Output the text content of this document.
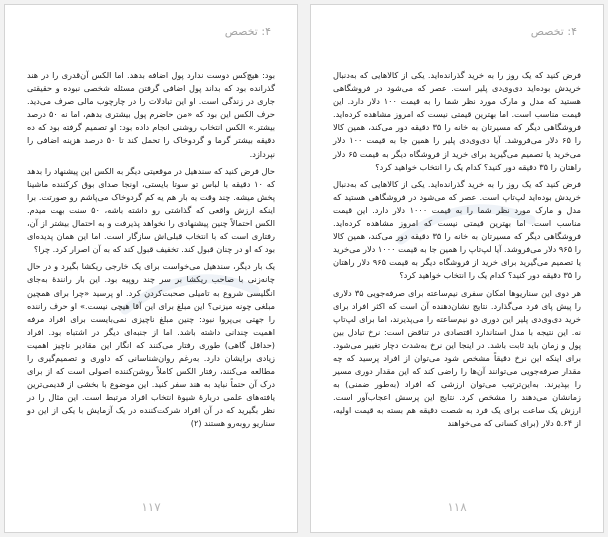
۴: تخصص

بود: هیچ‌کس دوست ندارد پول اضافه بدهد. اما الکس آن‌قدری را در هند گذرانده بود که بداند پول اضافی گرفتن مسئله شخصی نبوده و حقیقتی جاری در زندگی است. او این تبادلات را در چارچوب مالی صرف می‌دید. حرف الکس این بود که «من حاضرم پول بیشتری بدهم، اما نه ۵۰ درصد بیشتر.» الکس انتخاب روشنی انجام داده بود: او تصمیم گرفته بود که ده دقیقه بیشتر گرما و گردوخاک را تحمل کند تا ۵۰ درصد هزینه اضافی را نپردازد.

حال فرض کنید که سندهیل در موقعیتی دیگر به الکس این پیشنهاد را بدهد که ۱۰ دقیقه با لباس تو سوتا بایستی، اونجا صدای بوق کرکننده ماشینا پخش میشه. چند وقت یه بار هم یه کم گردوخاک می‌پاشم رو صورتت. برا اینکه ارزش واقعی که گذاشتی رو داشته باشه، ۵۰ سنت بهت میدم. الکس احتمالاً چنین پیشنهادی را نخواهد پذیرفت و به احتمال بیشتر از آن، رفتاری است که با انتخاب قبلی‌اش سازگار است. اما این همان پدیده‌ای بود که او در چنان قبول کند. تخفیف قبول کند که به آن اصرار کرد. چرا؟

یک بار دیگر، سندهیل می‌خواست برای یک خارجی ریکشا بگیرد و در حال چانه‌زنی با صاحب ریکشا بر سر چند روپیه بود. این بار رانندهٔ به‌جای انگلیسی شروع به تامیلی صحبت‌کردن کرد. او پرسید «چرا برای همچین مبلغی چونه میزنی؟ این مبلغ برای این آقا هیچی نیست.» او حرف راننده را جهتی بی‌پروا نبود: چنین مبلغ ناچیزی نمی‌بایست برای افراد مرفه اهمیت چندانی داشته باشد. اما از جنبه‌ای دیگر در اشتباه بود. افراد (حداقل گاهی) طوری رفتار می‌کنند که انگار این مقادیر ناچیز اهمیت زیادی برایشان دارد. به‌رغم روان‌شناسانی که داوری و تصمیم‌گیری را مطالعه می‌کنند، رفتار الکس کاملاً روشن‌کننده اصولی است که از برای درک آن حتماً نباید به هند سفر کنید. این موضوع با بخشی از قدیمی‌ترین یافته‌های علمی دربارهٔ شیوهٔ انتخاب افراد مرتبط است. این مثال را در نظر بگیرید که در آن افراد شرکت‌کننده در یک آزمایش با یکی از این دو سناریو روبه‌رو هستند (۲)

۱۱۷
۴: تخصص

فرض کنید که یک روز را به خرید گذرانده‌اید. یکی از کالاهایی که به‌دنبال خریدش بوده‌اید دی‌وی‌دی پلیر است. عصر که می‌شود در فروشگاهی هستید که مدل و مارک مورد نظر شما را به قیمت ۱۰۰ دلار دارد. این قیمت مناسب است. اما بهترین قیمتی نیست که امروز مشاهده کرده‌اید. فروشگاهی دیگر که مسیرتان به خانه را ۳۵ دقیقه دور می‌کند، همین کالا را ۶۵ دلار می‌فروشد. آیا دی‌وی‌دی پلیر را همین جا به قیمت ۱۰۰ دلار می‌خرید یا تصمیم می‌گیرید برای خرید از فروشگاه دیگر به قیمت ۶۵ دلار راهتان را ۳۵ دقیقه دور کنید؟ کدام یک را انتخاب خواهید کرد؟

فرض کنید که یک روز را به خرید گذرانده‌اید. یکی از کالاهایی که به‌دنبال خریدش بوده‌اید لپ‌تاپ است. عصر که می‌شود در فروشگاهی هستید که مدل و مارک مورد نظر شما را به قیمت ۱۰۰۰ دلار دارد. این قیمت مناسب است. اما بهترین قیمتی نیست که امروز مشاهده کرده‌اید. فروشگاهی دیگر که مسیرتان به خانه را ۳۵ دقیقه دور می‌کند، همین کالا را ۹۶۵ دلار می‌فروشد. آیا لپ‌تاپ را همین جا به قیمت ۱۰۰۰ دلار می‌خرید یا تصمیم می‌گیرید برای خرید از فروشگاه دیگر به قیمت ۹۶۵ دلار راهتان را ۳۵ دقیقه دور کنید؟ کدام یک را انتخاب خواهید کرد؟

هر دوی این سناریوها امکان سفری نیم‌ساعته برای صرفه‌جویی ۳۵ دلاری را پیش پای فرد می‌گذارد. نتایج نشان‌دهنده آن است که اکثر افراد برای خرید دی‌وی‌دی پلیر این دوری دو نیم‌ساعته را می‌پذیرند، اما برای لپ‌تاپ نه. این نتیجه با مدل استاندارد اقتصادی در تناقض است: نرخ تبادل بین پول و زمان باید ثابت باشد. در اینجا این نرخ به‌شدت دچار تغییر می‌شود. برای اینکه این نرخ دقیقاً مشخص شود می‌توان از افراد پرسید که چه مقدار صرفه‌جویی می‌توانند آن‌ها را راضی کند که این مقدار دوری مسیر را بپذیرند. به‌این‌ترتیب می‌توان ارزشی که افراد (به‌طور ضمنی) به زمانشان می‌دهند را مشخص کرد. نتایج این پرسش اعجاب‌آور است. ارزش یک ساعت برای یک فرد به شصت دقیقه هم بسته به قیمت اولیه، از ۵.۶۴ دلار (برای کسانی که می‌خواهند

۱۱۸
